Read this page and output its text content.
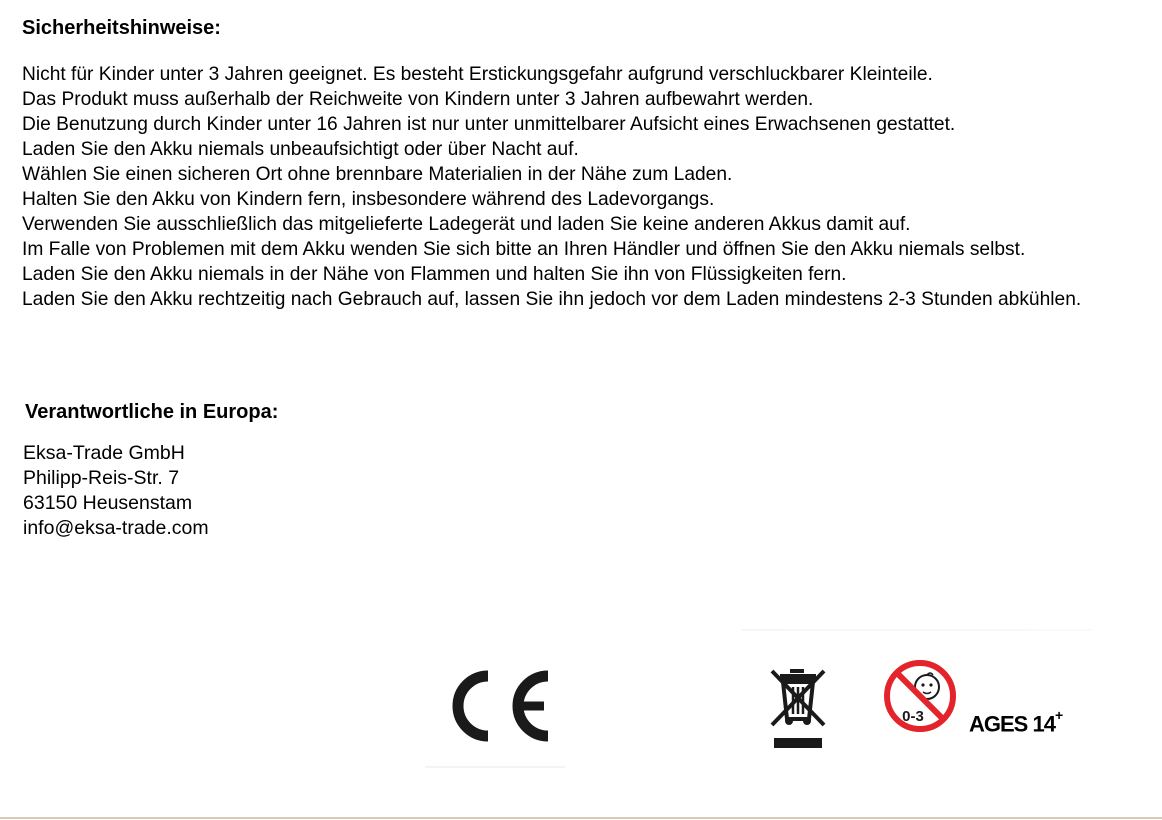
Sicherheitshinweise:
Nicht für Kinder unter 3 Jahren geeignet. Es besteht Erstickungsgefahr aufgrund verschluckbarer Kleinteile.
Das Produkt muss außerhalb der Reichweite von Kindern unter 3 Jahren aufbewahrt werden.
Die Benutzung durch Kinder unter 16 Jahren ist nur unter unmittelbarer Aufsicht eines Erwachsenen gestattet.
Laden Sie den Akku niemals unbeaufsichtigt oder über Nacht auf.
Wählen Sie einen sicheren Ort ohne brennbare Materialien in der Nähe zum Laden.
Halten Sie den Akku von Kindern fern, insbesondere während des Ladevorgangs.
Verwenden Sie ausschließlich das mitgelieferte Ladegerät und laden Sie keine anderen Akkus damit auf.
Im Falle von Problemen mit dem Akku wenden Sie sich bitte an Ihren Händler und öffnen Sie den Akku niemals selbst.
Laden Sie den Akku niemals in der Nähe von Flammen und halten Sie ihn von Flüssigkeiten fern.
Laden Sie den Akku rechtzeitig nach Gebrauch auf, lassen Sie ihn jedoch vor dem Laden mindestens 2-3 Stunden abkühlen.
Verantwortliche in Europa:
Eksa-Trade GmbH
Philipp-Reis-Str. 7
63150 Heusenstam
info@eksa-trade.com
0-3 AGES 14+
